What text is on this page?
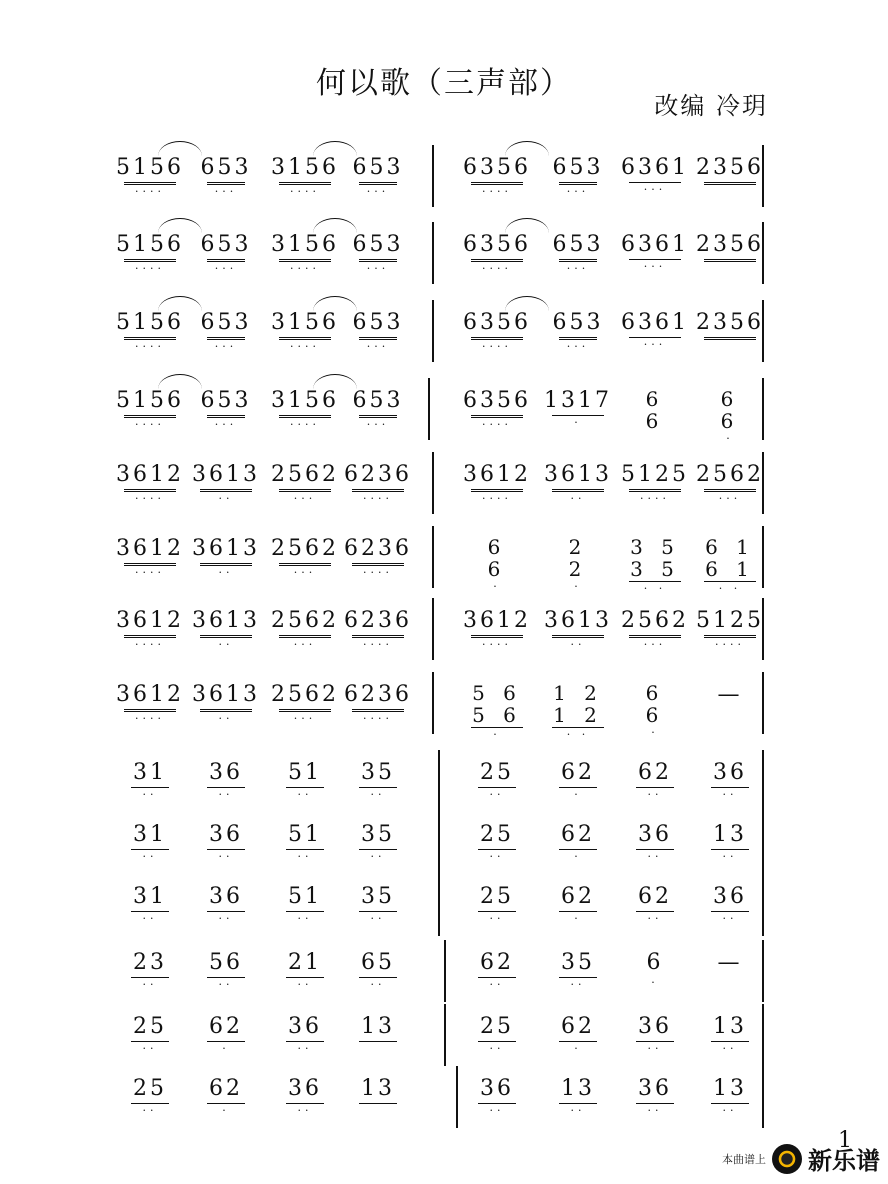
何以歌（三声部）
改编 冷玥
5156
····
653
···
3156
····
653
···
6356
····
653
···
6361
···
2356
5156
····
653
···
3156
····
653
···
6356
····
653
···
6361
···
2356
5156
····
653
···
3156
····
653
···
6356
····
653
···
6361
···
2356
5156
····
653
···
3156
····
653
···
6356
····
1317
·
6
6
6
6
·
3612
····
3613
··
2562
···
6236
····
3612
····
3613
··
5125
····
2562
···
3612
····
3613
··
2562
···
6236
····
6
6
·
2
2
·
3 5
3 5
· ·
6 1
6 1
· ·
3612
····
3613
··
2562
···
6236
····
3612
····
3613
··
2562
···
5125
····
3612
····
3613
··
2562
···
6236
····
5 6
5 6
·
1 2
1 2
· ·
6
6
·
—
31
··
36
··
51
··
35
··
25
··
62
·
62
··
36
··
31
··
36
··
51
··
35
··
25
··
62
·
36
··
13
··
31
··
36
··
51
··
35
··
25
··
62
·
62
··
36
··
23
··
56
··
21
··
65
··
62
··
35
··
6
·
—
25
··
62
·
36
··
13	25
··
62
·
36
··
13
··
25
··
62
·
36
··
13	36
··
13
··
36
··
13
··
1
本曲谱上 新乐谱
